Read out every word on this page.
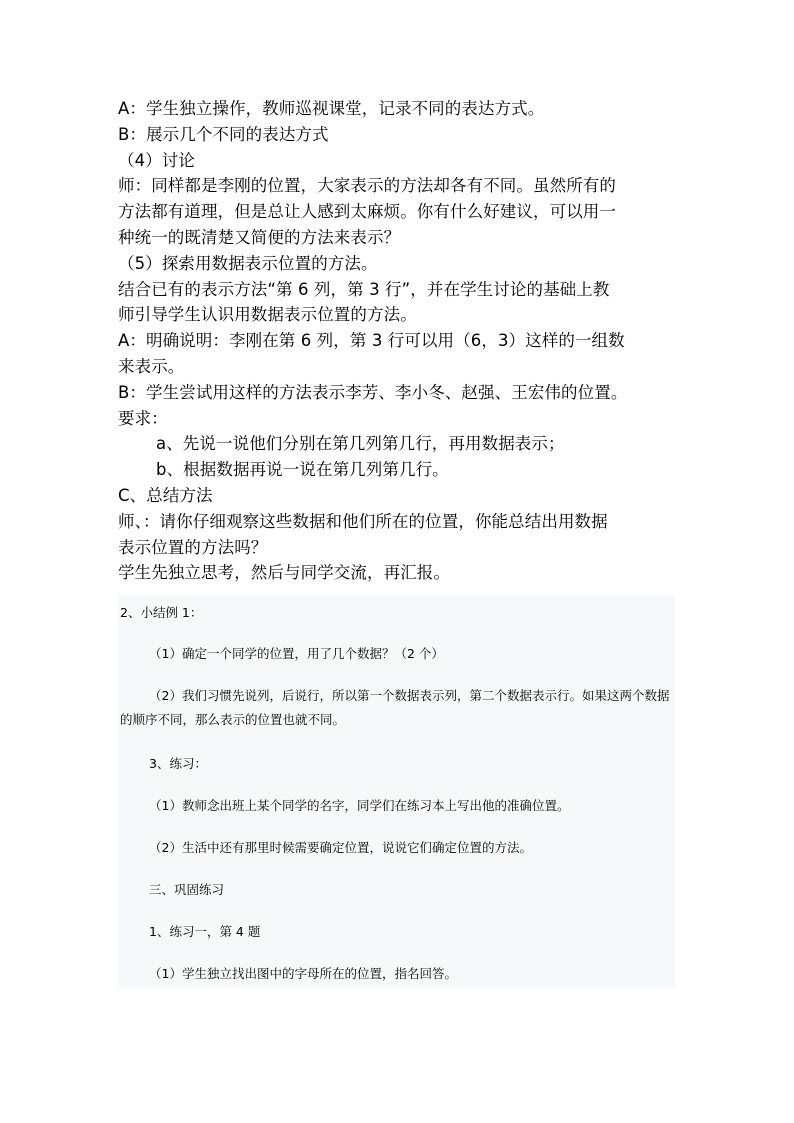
A：学生独立操作，教师巡视课堂，记录不同的表达方式。
B：展示几个不同的表达方式
（4）讨论
师：同样都是李刚的位置，大家表示的方法却各有不同。虽然所有的
方法都有道理，但是总让人感到太麻烦。你有什么好建议，可以用一
种统一的既清楚又简便的方法来表示？
（5）探索用数据表示位置的方法。
结合已有的表示方法“第 6 列，第 3 行”，并在学生讨论的基础上教
师引导学生认识用数据表示位置的方法。
A：明确说明：李刚在第 6 列，第 3 行可以用（6，3）这样的一组数
来表示。
B：学生尝试用这样的方法表示李芳、李小冬、赵强、王宏伟的位置。
要求：
a、先说一说他们分别在第几列第几行，再用数据表示；
b、根据数据再说一说在第几列第几行。
C、总结方法
师、：请你仔细观察这些数据和他们所在的位置，你能总结出用数据
表示位置的方法吗？
学生先独立思考，然后与同学交流，再汇报。
2、小结例 1：
（1）确定一个同学的位置，用了几个数据？（2 个）
（2）我们习惯先说列，后说行，所以第一个数据表示列，第二个数据表示行。如果这两个数据的顺序不同，那么表示的位置也就不同。
3、练习：
（1）教师念出班上某个同学的名字，同学们在练习本上写出他的准确位置。
（2）生活中还有那里时候需要确定位置，说说它们确定位置的方法。
三、巩固练习
1、练习一，第 4 题
（1）学生独立找出图中的字母所在的位置，指名回答。
